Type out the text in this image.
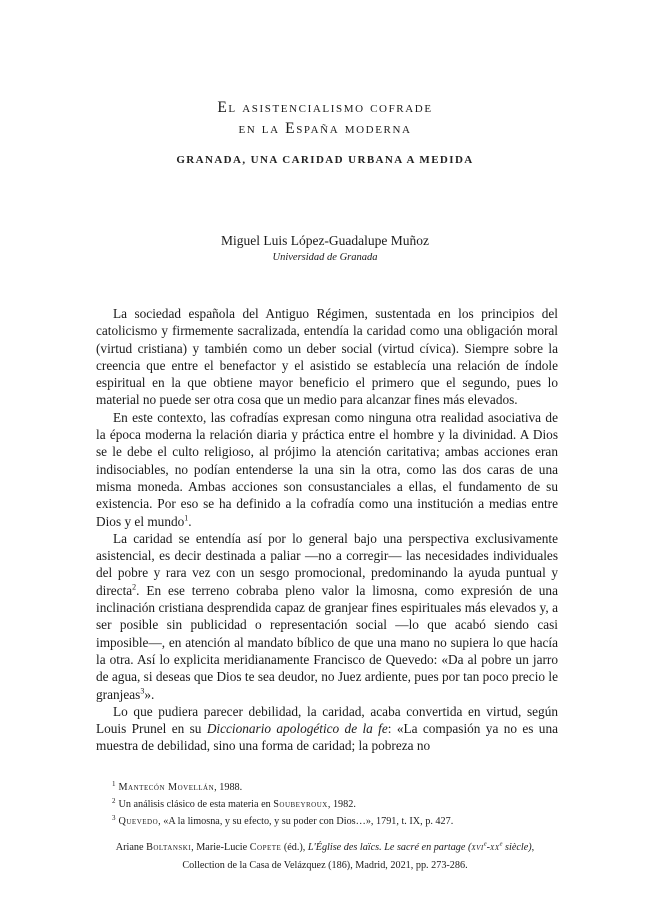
El asistencialismo cofrade
en la España moderna
GRANADA, UNA CARIDAD URBANA A MEDIDA
Miguel Luis López-Guadalupe Muñoz
Universidad de Granada

La sociedad española del Antiguo Régimen, sustentada en los principios del catolicismo y firmemente sacralizada, entendía la caridad como una obligación moral (virtud cristiana) y también como un deber social (virtud cívica). Siempre sobre la creencia que entre el benefactor y el asistido se establecía una relación de índole espiritual en la que obtiene mayor beneficio el primero que el segundo, pues lo material no puede ser otra cosa que un medio para alcanzar fines más elevados.

En este contexto, las cofradías expresan como ninguna otra realidad asociativa de la época moderna la relación diaria y práctica entre el hombre y la divinidad. A Dios se le debe el culto religioso, al prójimo la atención caritativa; ambas acciones eran indisociables, no podían entenderse la una sin la otra, como las dos caras de una misma moneda. Ambas acciones son consustanciales a ellas, el fundamento de su existencia. Por eso se ha definido a la cofradía como una institución a medias entre Dios y el mundo$^1$.

La caridad se entendía así por lo general bajo una perspectiva exclusivamente asistencial, es decir destinada a paliar —no a corregir— las necesidades individuales del pobre y rara vez con un sesgo promocional, predominando la ayuda puntual y directa$^2$. En ese terreno cobraba pleno valor la limosna, como expresión de una inclinación cristiana desprendida capaz de granjear fines espirituales más elevados y, a ser posible sin publicidad o representación social —lo que acabó siendo casi imposible—, en atención al mandato bíblico de que una mano no supiera lo que hacía la otra. Así lo explicita meridianamente Francisco de Quevedo: «Da al pobre un jarro de agua, si deseas que Dios te sea deudor, no Juez ardiente, pues por tan poco precio le granjeas$^3$».

Lo que pudiera parecer debilidad, la caridad, acaba convertida en virtud, según Louis Prunel en su Diccionario apologético de la fe: «La compasión ya no es una muestra de debilidad, sino una forma de caridad; la pobreza no

$^1$ Mantecón Movellán, 1988.
$^2$ Un análisis clásico de esta materia en Soubeyroux, 1982.
$^3$ Quevedo, «A la limosna, y su efecto, y su poder con Dios…», 1791, t. IX, p. 427.
Ariane Boltanski, Marie-Lucie Copete (éd.), L'Église des laïcs. Le sacré en partage ($xvi^e-xx^e$ siècle),
Collection de la Casa de Velázquez (186), Madrid, 2021, pp. 273-286.
